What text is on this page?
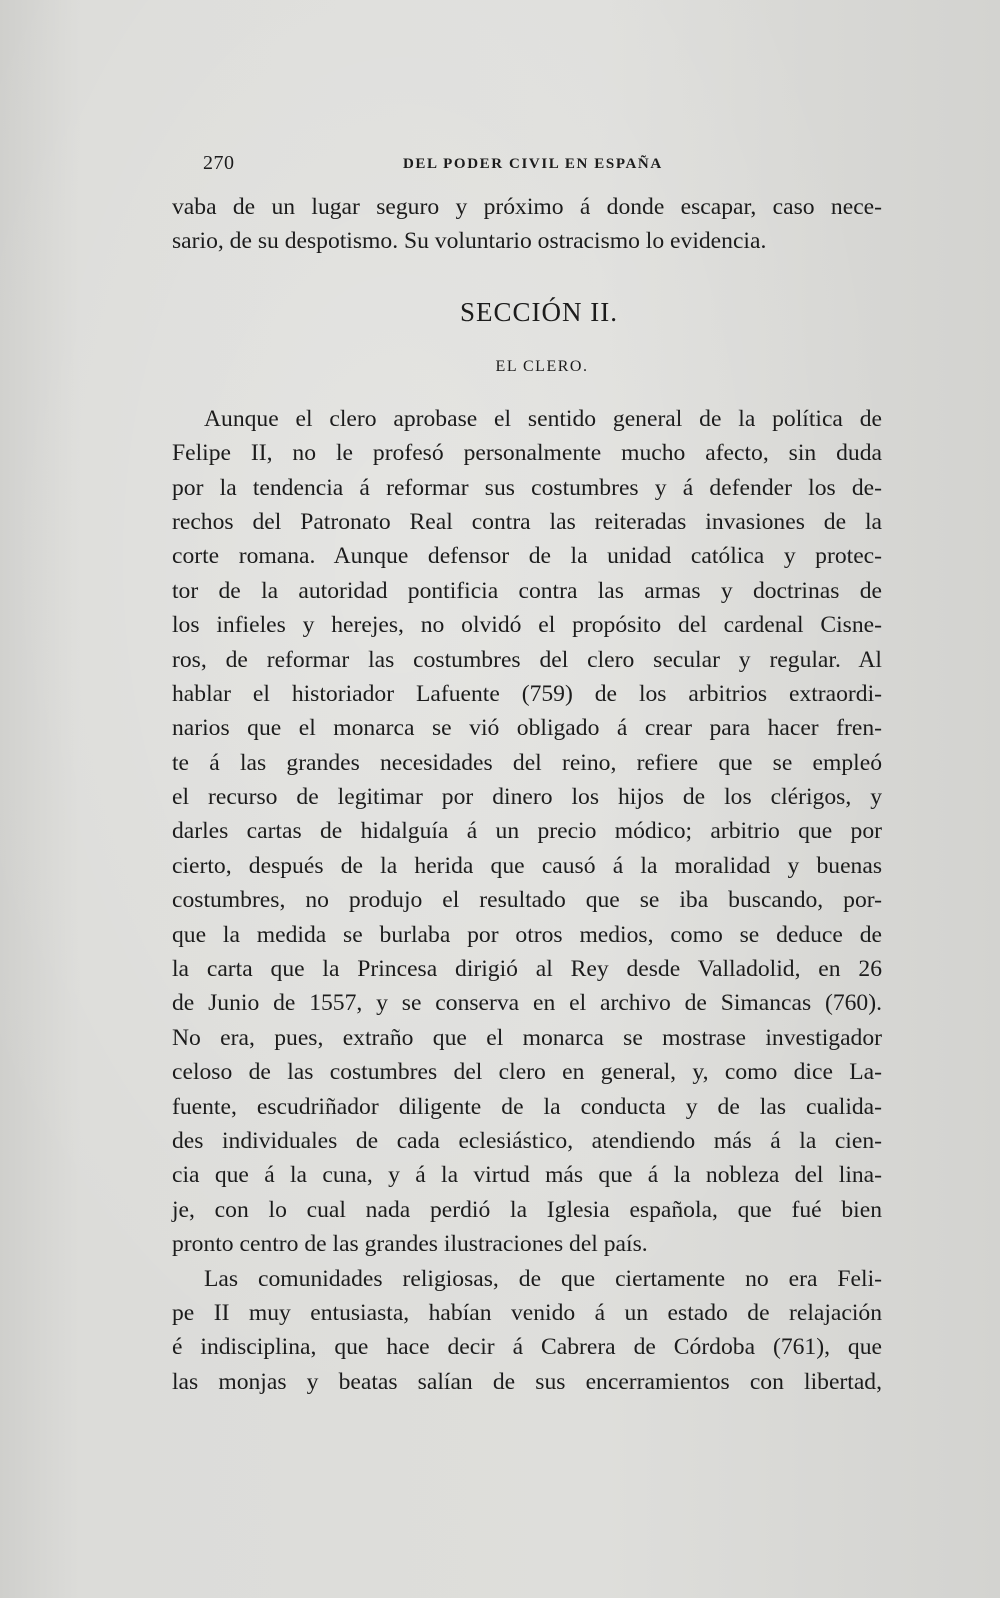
270	DEL PODER CIVIL EN ESPAÑA
vaba de un lugar seguro y próximo á donde escapar, caso nece-
sario, de su despotismo. Su voluntario ostracismo lo evidencia.
SECCIÓN II.
EL CLERO.
Aunque el clero aprobase el sentido general de la política de
Felipe II, no le profesó personalmente mucho afecto, sin duda
por la tendencia á reformar sus costumbres y á defender los de-
rechos del Patronato Real contra las reiteradas invasiones de la
corte romana. Aunque defensor de la unidad católica y protec-
tor de la autoridad pontificia contra las armas y doctrinas de
los infieles y herejes, no olvidó el propósito del cardenal Cisne-
ros, de reformar las costumbres del clero secular y regular. Al
hablar el historiador Lafuente (759) de los arbitrios extraordi-
narios que el monarca se vió obligado á crear para hacer fren-
te á las grandes necesidades del reino, refiere que se empleó
el recurso de legitimar por dinero los hijos de los clérigos, y
darles cartas de hidalguía á un precio módico; arbitrio que por
cierto, después de la herida que causó á la moralidad y buenas
costumbres, no produjo el resultado que se iba buscando, por-
que la medida se burlaba por otros medios, como se deduce de
la carta que la Princesa dirigió al Rey desde Valladolid, en 26
de Junio de 1557, y se conserva en el archivo de Simancas (760).
No era, pues, extraño que el monarca se mostrase investigador
celoso de las costumbres del clero en general, y, como dice La-
fuente, escudriñador diligente de la conducta y de las cualida-
des individuales de cada eclesiástico, atendiendo más á la cien-
cia que á la cuna, y á la virtud más que á la nobleza del lina-
je, con lo cual nada perdió la Iglesia española, que fué bien
pronto centro de las grandes ilustraciones del país.
Las comunidades religiosas, de que ciertamente no era Feli-
pe II muy entusiasta, habían venido á un estado de relajación
é indisciplina, que hace decir á Cabrera de Córdoba (761), que
las monjas y beatas salían de sus encerramientos con libertad,
